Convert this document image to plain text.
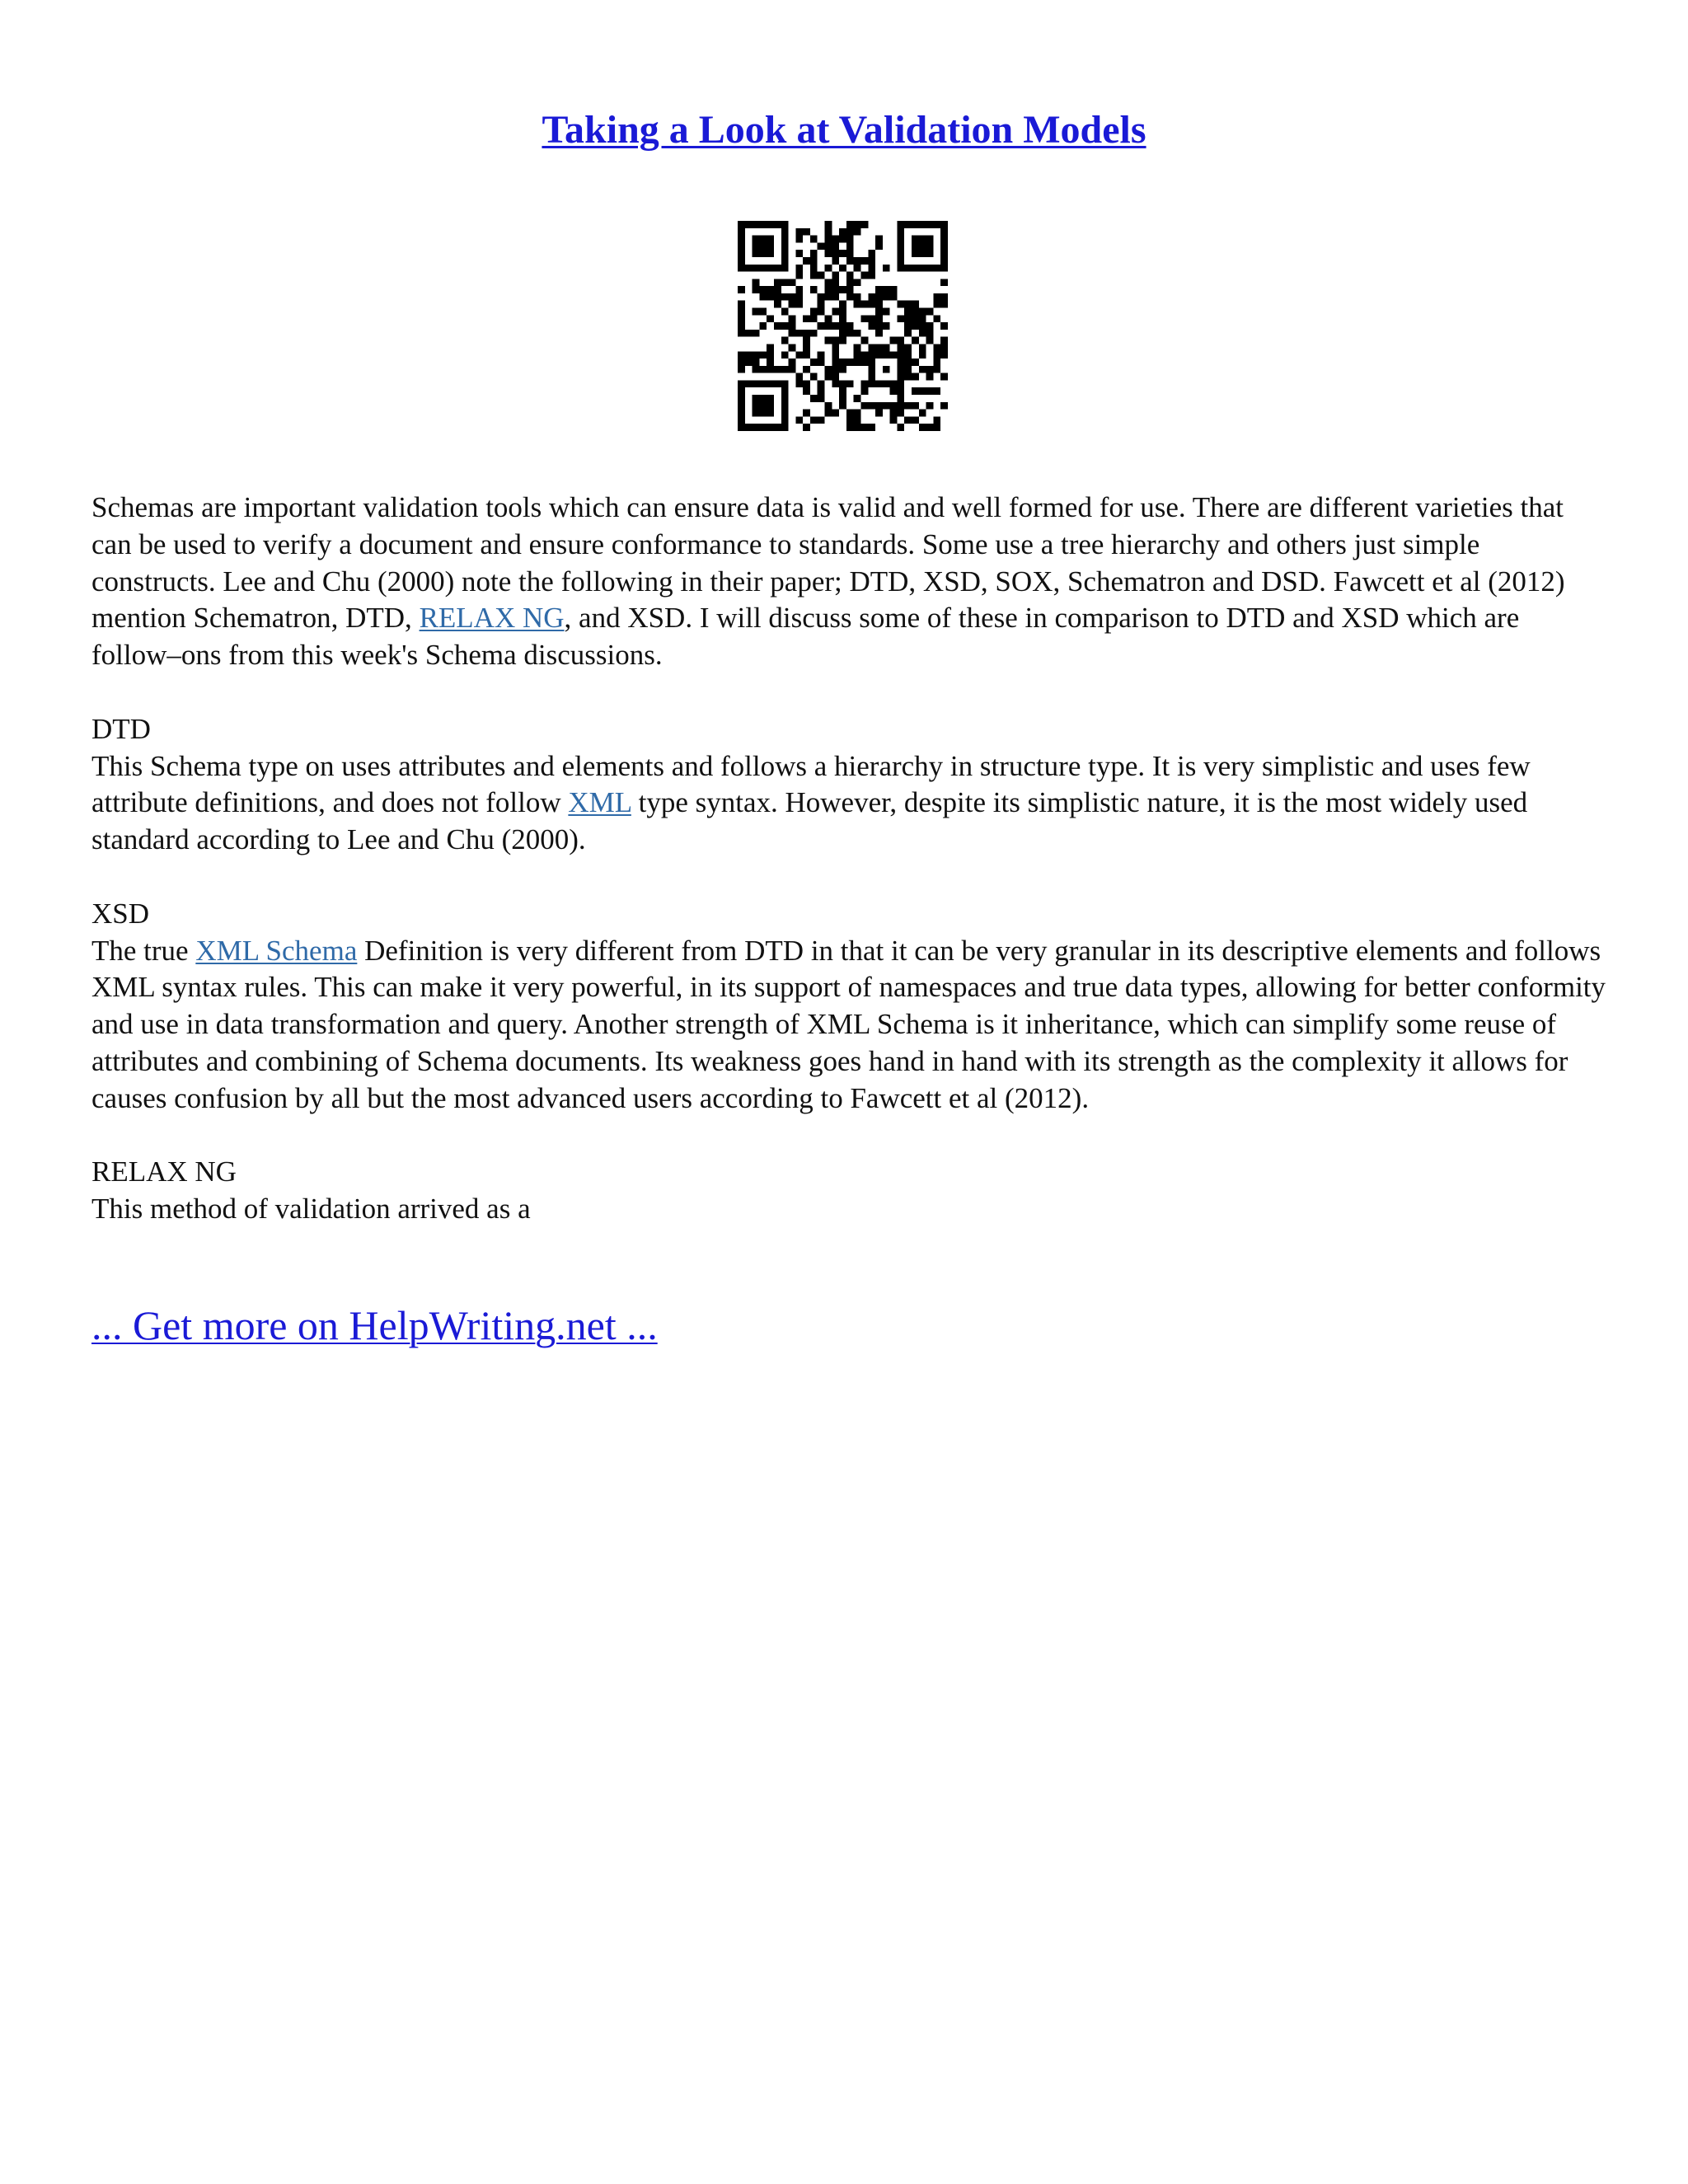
Taking a Look at Validation Models

Schemas are important validation tools which can ensure data is valid and well formed for use. There are different varieties that can be used to verify a document and ensure conformance to standards. Some use a tree hierarchy and others just simple constructs. Lee and Chu (2000) note the following in their paper; DTD, XSD, SOX, Schematron and DSD. Fawcett et al (2012) mention Schematron, DTD, RELAX NG, and XSD. I will discuss some of these in comparison to DTD and XSD which are follow–ons from this week's Schema discussions.

DTD

This Schema type on uses attributes and elements and follows a hierarchy in structure type. It is very simplistic and uses few attribute definitions, and does not follow XML type syntax. However, despite its simplistic nature, it is the most widely used standard according to Lee and Chu (2000).

XSD

The true XML Schema Definition is very different from DTD in that it can be very granular in its descriptive elements and follows XML syntax rules. This can make it very powerful, in its support of namespaces and true data types, allowing for better conformity and use in data transformation and query. Another strength of XML Schema is it inheritance, which can simplify some reuse of attributes and combining of Schema documents. Its weakness goes hand in hand with its strength as the complexity it allows for causes confusion by all but the most advanced users according to Fawcett et al (2012).

RELAX NG

This method of validation arrived as a

... Get more on HelpWriting.net ...
